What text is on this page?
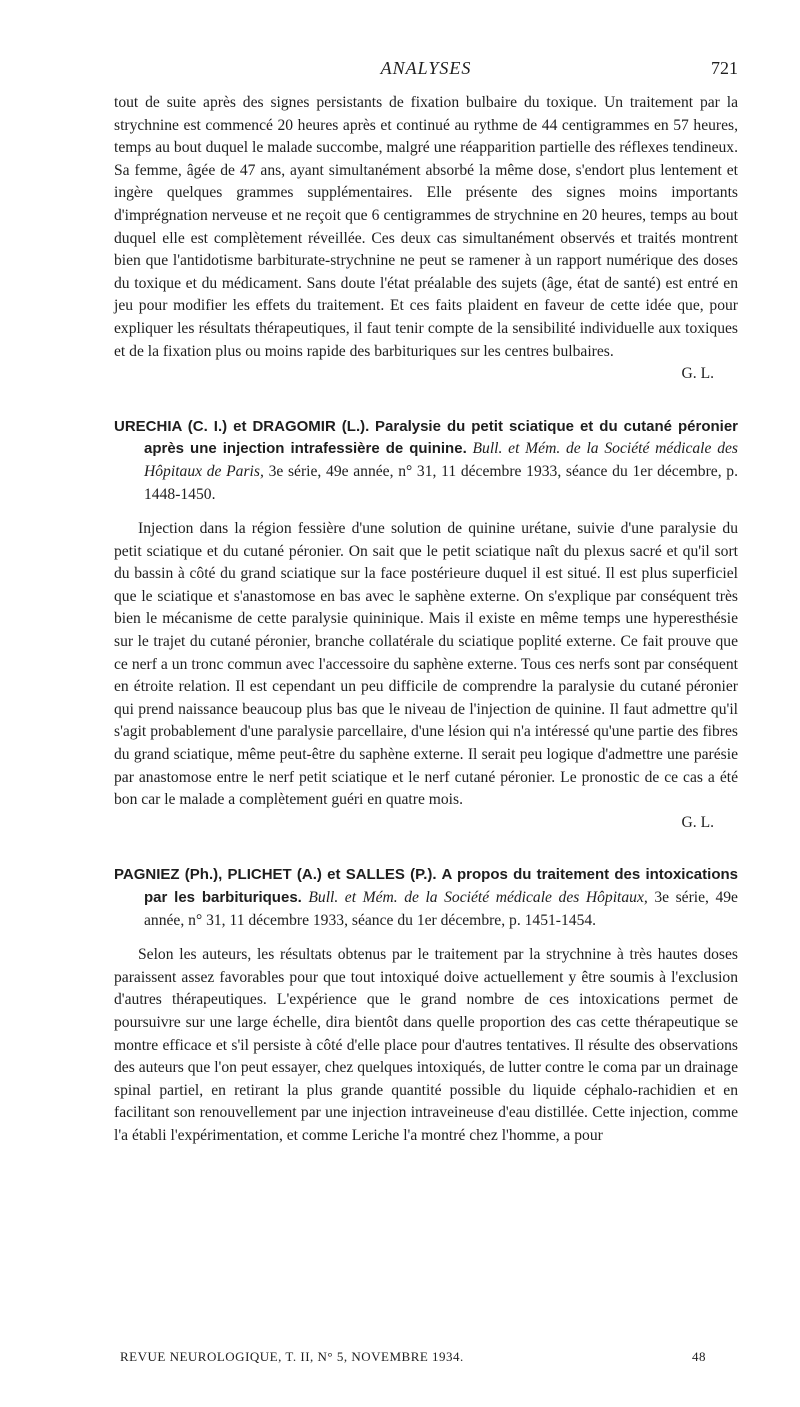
ANALYSES	721

tout de suite après des signes persistants de fixation bulbaire du toxique. Un traitement par la strychnine est commencé 20 heures après et continué au rythme de 44 centigrammes en 57 heures, temps au bout duquel le malade succombe, malgré une réapparition partielle des réflexes tendineux. Sa femme, âgée de 47 ans, ayant simultanément absorbé la même dose, s'endort plus lentement et ingère quelques grammes supplémentaires. Elle présente des signes moins importants d'imprégnation nerveuse et ne reçoit que 6 centigrammes de strychnine en 20 heures, temps au bout duquel elle est complètement réveillée. Ces deux cas simultanément observés et traités montrent bien que l'antidotisme barbiturate-strychnine ne peut se ramener à un rapport numérique des doses du toxique et du médicament. Sans doute l'état préalable des sujets (âge, état de santé) est entré en jeu pour modifier les effets du traitement. Et ces faits plaident en faveur de cette idée que, pour expliquer les résultats thérapeutiques, il faut tenir compte de la sensibilité individuelle aux toxiques et de la fixation plus ou moins rapide des barbituriques sur les centres bulbaires.
G. L.

URECHIA (C. I.) et DRAGOMIR (L.). Paralysie du petit sciatique et du cutané péronier après une injection intrafessière de quinine. Bull. et Mém. de la Société médicale des Hôpitaux de Paris, 3e série, 49e année, n° 31, 11 décembre 1933, séance du 1er décembre, p. 1448-1450.

Injection dans la région fessière d'une solution de quinine urétane, suivie d'une paralysie du petit sciatique et du cutané péronier. On sait que le petit sciatique naît du plexus sacré et qu'il sort du bassin à côté du grand sciatique sur la face postérieure duquel il est situé. Il est plus superficiel que le sciatique et s'anastomose en bas avec le saphène externe. On s'explique par conséquent très bien le mécanisme de cette paralysie quininique. Mais il existe en même temps une hyperesthésie sur le trajet du cutané péronier, branche collatérale du sciatique poplité externe. Ce fait prouve que ce nerf a un tronc commun avec l'accessoire du saphène externe. Tous ces nerfs sont par conséquent en étroite relation. Il est cependant un peu difficile de comprendre la paralysie du cutané péronier qui prend naissance beaucoup plus bas que le niveau de l'injection de quinine. Il faut admettre qu'il s'agit probablement d'une paralysie parcellaire, d'une lésion qui n'a intéressé qu'une partie des fibres du grand sciatique, même peut-être du saphène externe. Il serait peu logique d'admettre une parésie par anastomose entre le nerf petit sciatique et le nerf cutané péronier. Le pronostic de ce cas a été bon car le malade a complètement guéri en quatre mois.
G. L.

PAGNIEZ (Ph.), PLICHET (A.) et SALLES (P.). A propos du traitement des intoxications par les barbituriques. Bull. et Mém. de la Société médicale des Hôpitaux, 3e série, 49e année, n° 31, 11 décembre 1933, séance du 1er décembre, p. 1451-1454.

Selon les auteurs, les résultats obtenus par le traitement par la strychnine à très hautes doses paraissent assez favorables pour que tout intoxiqué doive actuellement y être soumis à l'exclusion d'autres thérapeutiques. L'expérience que le grand nombre de ces intoxications permet de poursuivre sur une large échelle, dira bientôt dans quelle proportion des cas cette thérapeutique se montre efficace et s'il persiste à côté d'elle place pour d'autres tentatives. Il résulte des observations des auteurs que l'on peut essayer, chez quelques intoxiqués, de lutter contre le coma par un drainage spinal partiel, en retirant la plus grande quantité possible du liquide céphalo-rachidien et en facilitant son renouvellement par une injection intraveineuse d'eau distillée. Cette injection, comme l'a établi l'expérimentation, et comme Leriche l'a montré chez l'homme, a pour

REVUE NEUROLOGIQUE, T. II, N° 5, NOVEMBRE 1934.	48
